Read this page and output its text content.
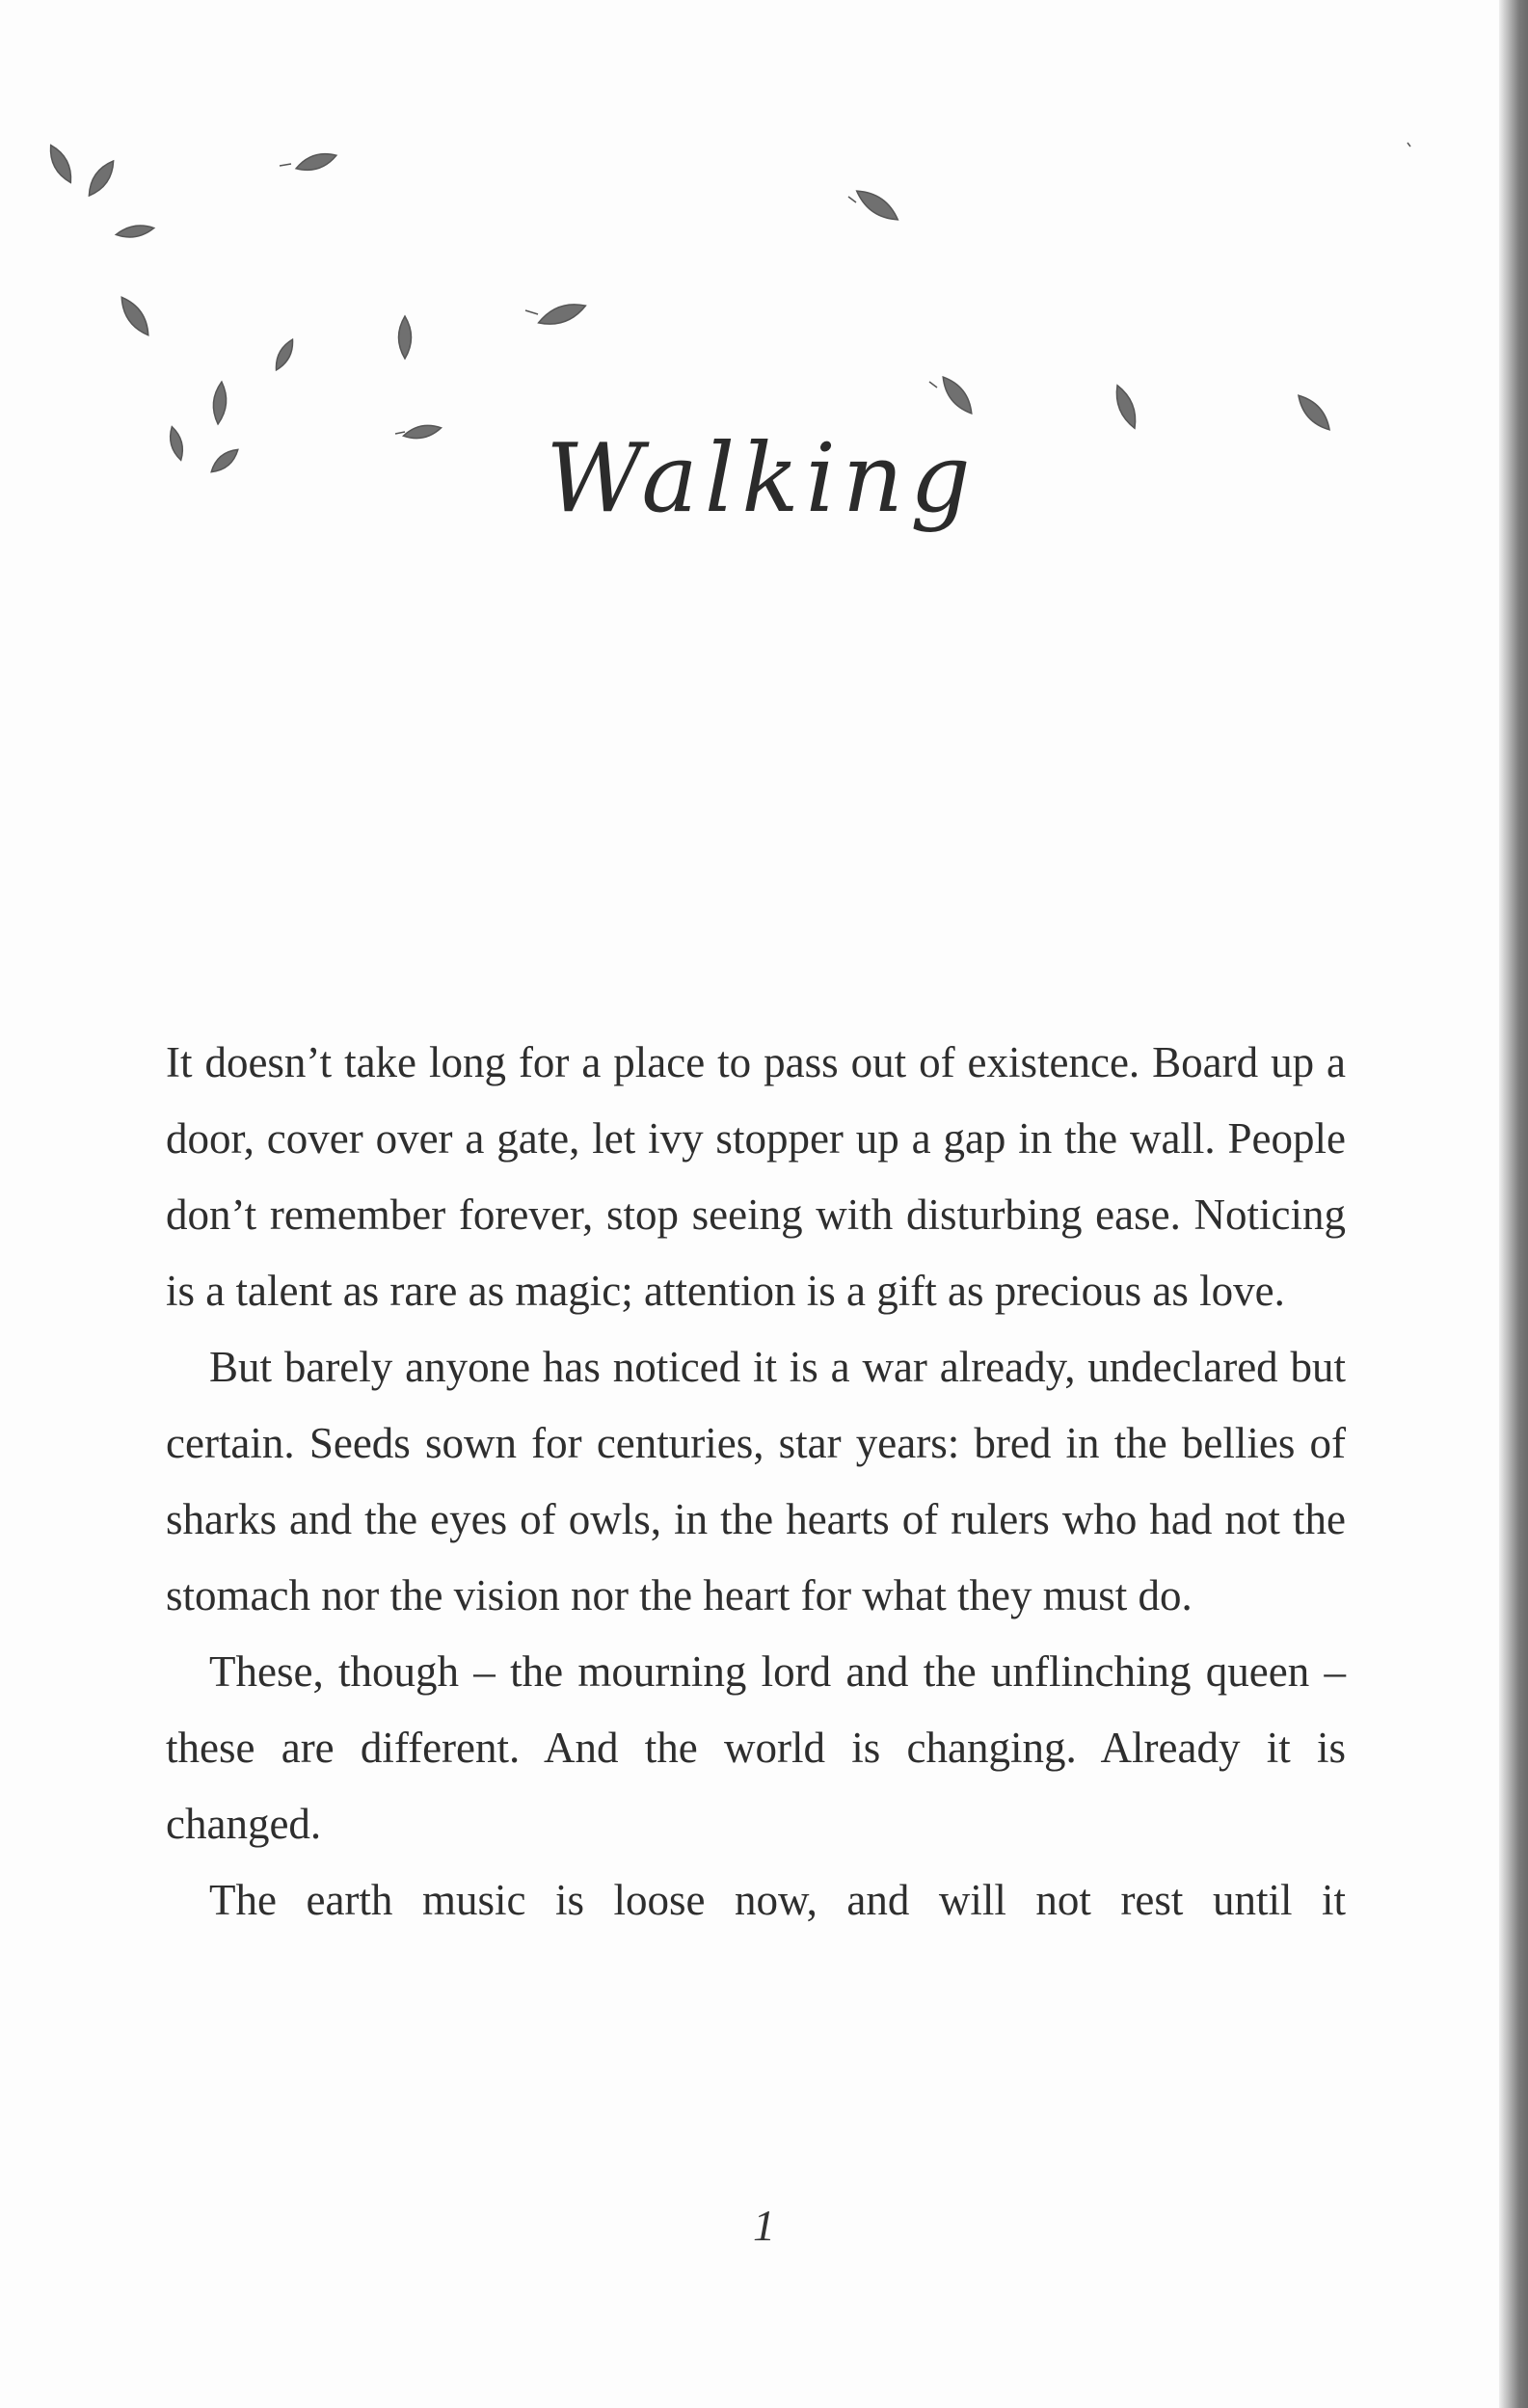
Walking

It doesn’t take long for a place to pass out of existence. Board up a door, cover over a gate, let ivy stopper up a gap in the wall. People don’t remember forever, stop seeing with disturbing ease. Noticing is a talent as rare as magic; attention is a gift as precious as love.

But barely anyone has noticed it is a war already, undeclared but certain. Seeds sown for centuries, star years: bred in the bellies of sharks and the eyes of owls, in the hearts of rulers who had not the stomach nor the vision nor the heart for what they must do.

These, though – the mourning lord and the unflinching queen – these are different. And the world is changing. Already it is changed.

The earth music is loose now, and will not rest until it

1
